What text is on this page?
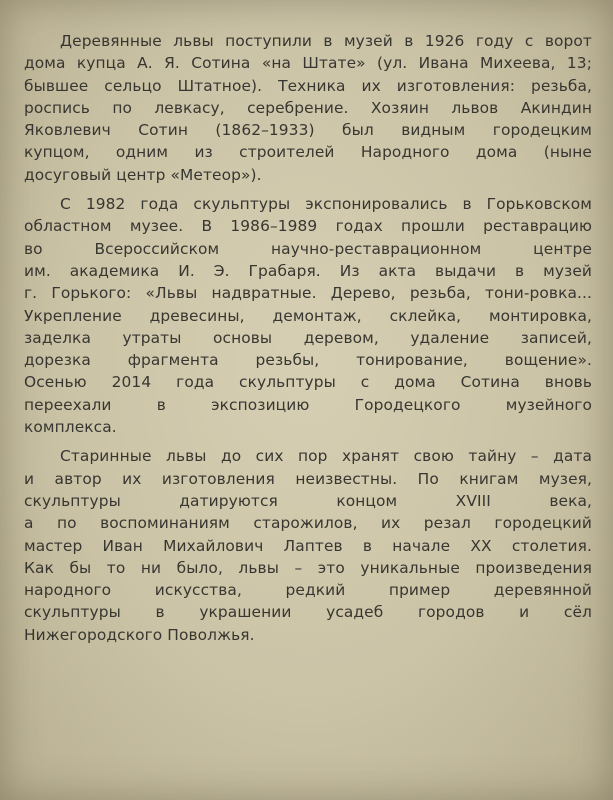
Деревянные львы поступили в музей в 1926 году с ворот
дома купца А. Я. Сотина «на Штате» (ул. Ивана Михеева, 13;
бывшее сельцо Штатное). Техника их изготовления: резьба,
роспись по левкасу, серебрение. Хозяин львов Акиндин
Яковлевич Сотин (1862–1933) был видным городецким
купцом, одним из строителей Народного дома (ныне
досуговый центр «Метеор»).
С 1982 года скульптуры экспонировались в Горьковском
областном музее. В 1986–1989 годах прошли реставрацию
во Всероссийском научно-реставрационном центре
им. академика И. Э. Грабаря. Из акта выдачи в музей
г. Горького: «Львы надвратные. Дерево, резьба, тони-ровка...
Укрепление древесины, демонтаж, склейка, монтировка,
заделка утраты основы деревом, удаление записей,
дорезка фрагмента резьбы, тонирование, вощение».
Осенью 2014 года скульптуры с дома Сотина вновь
переехали в экспозицию Городецкого музейного
комплекса.
Старинные львы до сих пор хранят свою тайну – дата
и автор их изготовления неизвестны. По книгам музея,
скульптуры датируются концом XVIII века,
а по воспоминаниям старожилов, их резал городецкий
мастер Иван Михайлович Лаптев в начале XX столетия.
Как бы то ни было, львы – это уникальные произведения
народного искусства, редкий пример деревянной
скульптуры в украшении усадеб городов и сёл
Нижегородского Поволжья.
